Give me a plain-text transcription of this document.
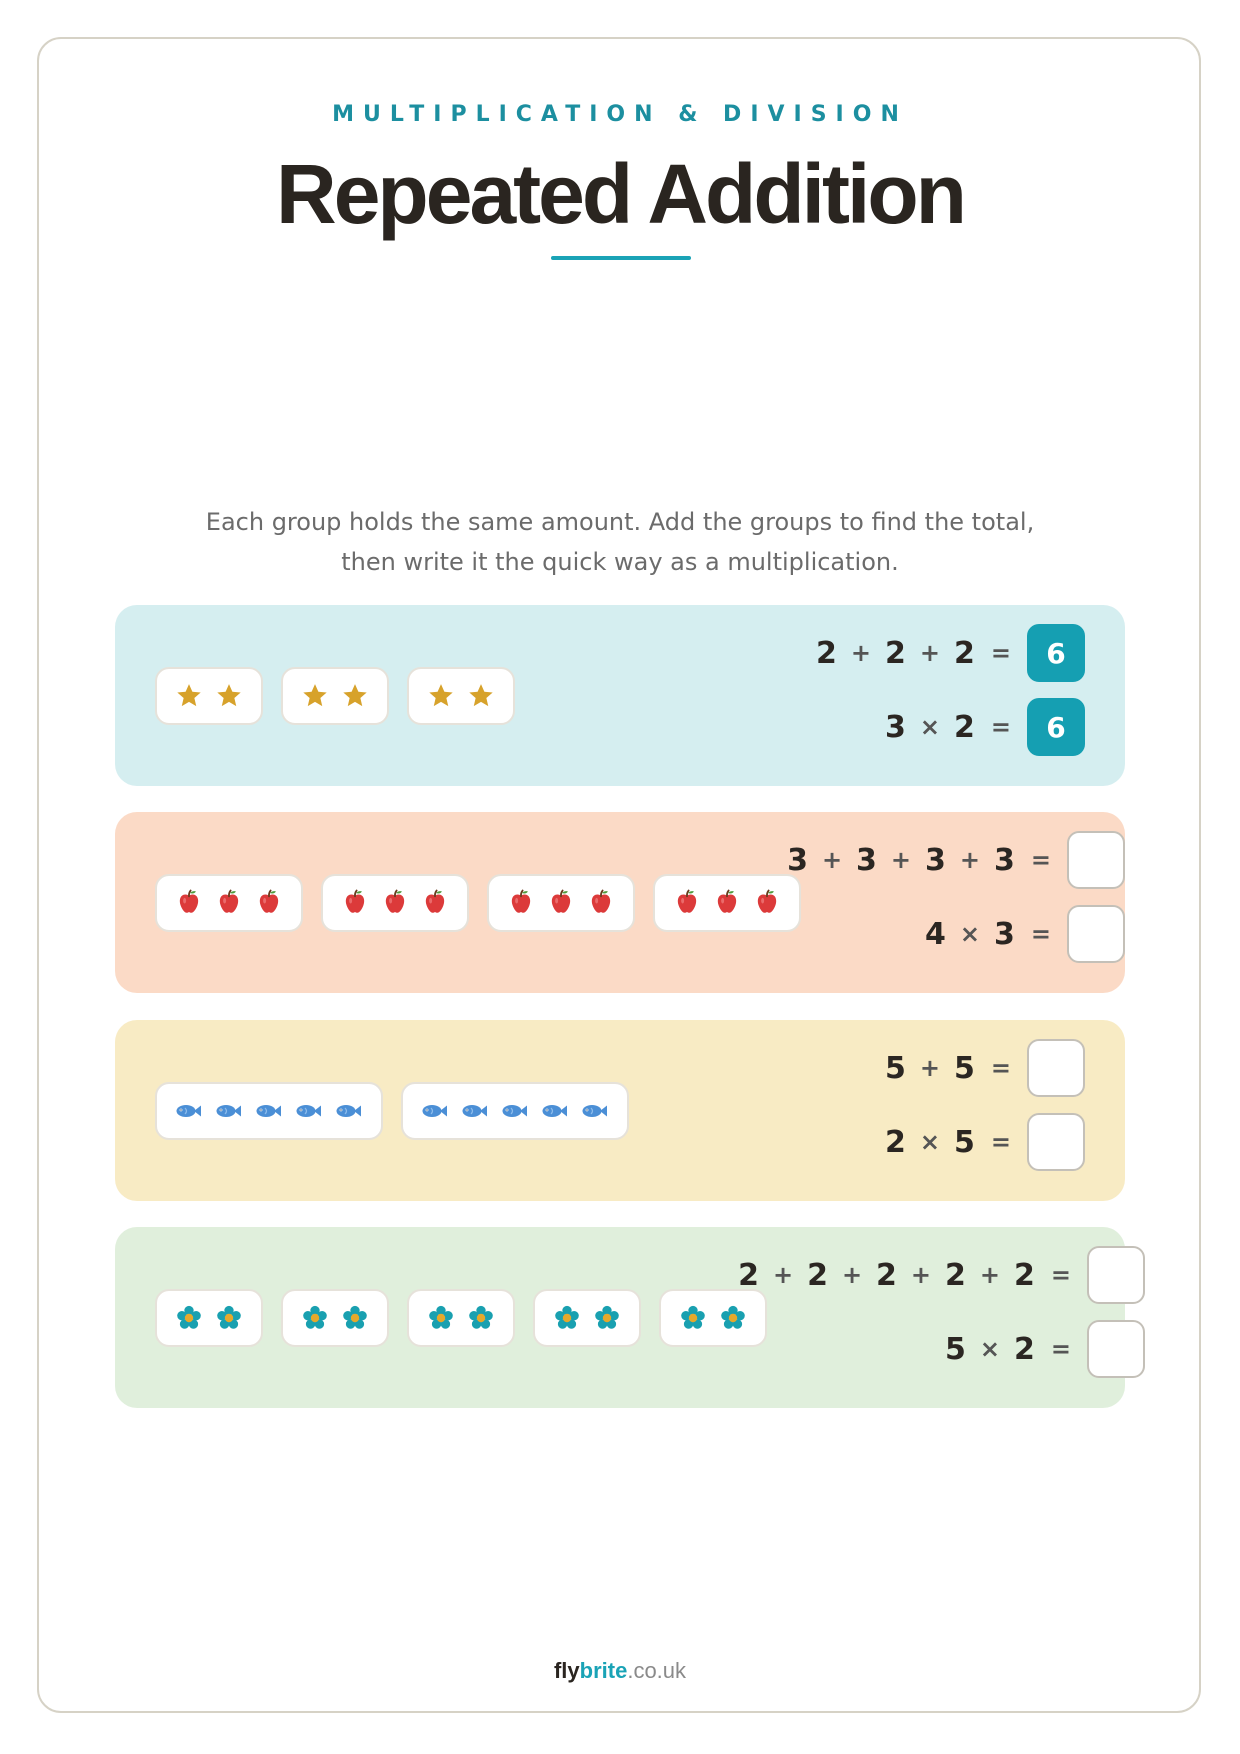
MULTIPLICATION & DIVISION
Repeated Addition
Each group holds the same amount. Add the groups to find the total,
then write it the quick way as a multiplication.
2 + 2 + 2 =	6
3 × 2 =	6
3 + 3 + 3 + 3 =
4 × 3 =
5 + 5 =
2 × 5 =
2 + 2 + 2 + 2 + 2 =
5 × 2 =
flybrite.co.uk
